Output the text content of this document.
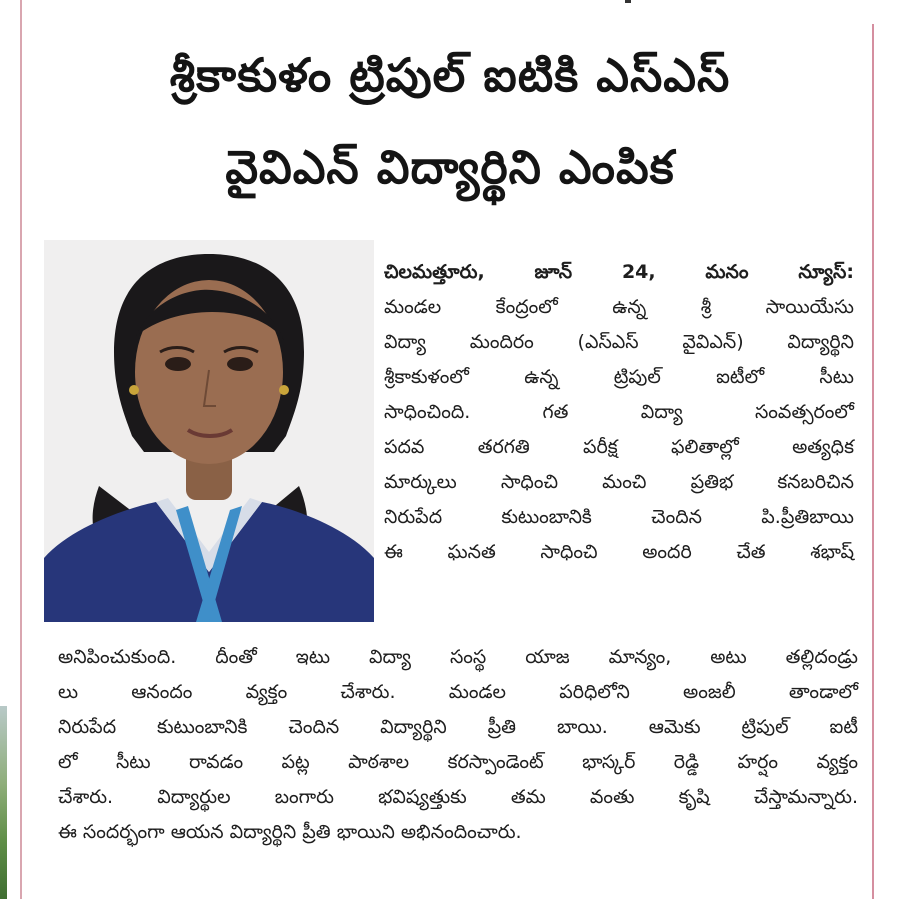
శ్రీకాకుళం ట్రిపుల్ ఐటికి ఎస్ఎస్
వైవిఎన్ విద్యార్థిని ఎంపిక

చిలమత్తూరు, జూన్ 24, మనం న్యూస్:
మండల కేంద్రంలో ఉన్న శ్రీ సాయియేసు
విద్యా మందిరం (ఎస్ఎస్ వైవిఎన్) విద్యార్థిని
శ్రీకాకుళంలో ఉన్న ట్రిపుల్ ఐటీలో సీటు
సాధించింది. గత విద్యా సంవత్సరంలో
పదవ తరగతి పరీక్ష ఫలితాల్లో అత్యధిక
మార్కులు సాధించి మంచి ప్రతిభ కనబరిచిన
నిరుపేద కుటుంబానికి చెందిన పి.ప్రీతిబాయి
ఈ ఘనత సాధించి అందరి చేత శభాష్

అనిపించుకుంది. దీంతో ఇటు విద్యా సంస్థ యాజ మాన్యం, అటు తల్లిదండ్రు
లు ఆనందం వ్యక్తం చేశారు. మండల పరిధిలోని అంజలీ తాండాలో
నిరుపేద కుటుంబానికి చెందిన విద్యార్థిని ప్రీతి బాయి. ఆమెకు ట్రిపుల్ ఐటీ
లో సీటు రావడం పట్ల పాఠశాల కరస్పాండెంట్ భాస్కర్ రెడ్డి హర్షం వ్యక్తం
చేశారు. విద్యార్థుల బంగారు భవిష్యత్తుకు తమ వంతు కృషి చేస్తామన్నారు.
ఈ సందర్భంగా ఆయన విద్యార్థిని ప్రీతి భాయిని అభినందించారు.
